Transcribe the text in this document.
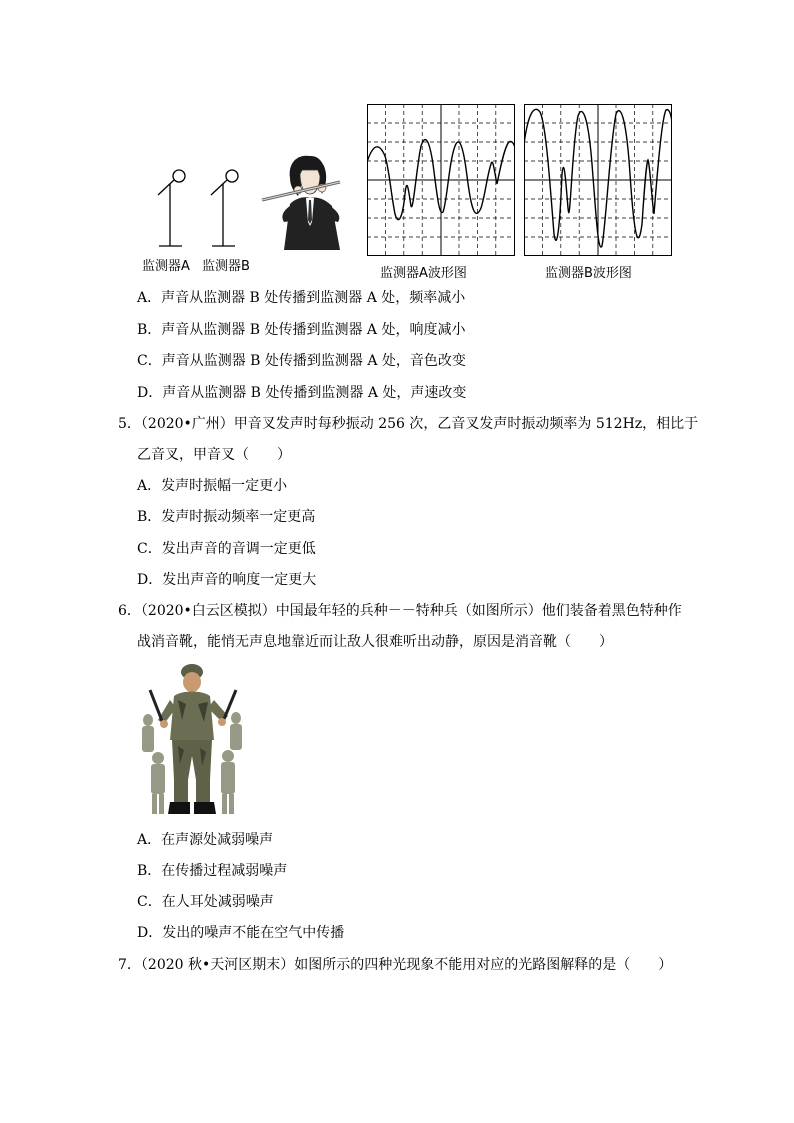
监测器A 监测器B	监测器A波形图	监测器B波形图
A．声音从监测器 B 处传播到监测器 A 处，频率减小
B．声音从监测器 B 处传播到监测器 A 处，响度减小
C．声音从监测器 B 处传播到监测器 A 处，音色改变
D．声音从监测器 B 处传播到监测器 A 处，声速改变
5．（2020•广州）甲音叉发声时每秒振动 256 次，乙音叉发声时振动频率为 512Hz，相比于
乙音叉，甲音叉（　　）
A．发声时振幅一定更小
B．发声时振动频率一定更高
C．发出声音的音调一定更低
D．发出声音的响度一定更大
6．（2020•白云区模拟）中国最年轻的兵种－－特种兵（如图所示）他们装备着黑色特种作
战消音靴，能悄无声息地靠近而让敌人很难听出动静，原因是消音靴（　　）
A．在声源处减弱噪声
B．在传播过程减弱噪声
C．在人耳处减弱噪声
D．发出的噪声不能在空气中传播
7．（2020 秋•天河区期末）如图所示的四种光现象不能用对应的光路图解释的是（　　）
